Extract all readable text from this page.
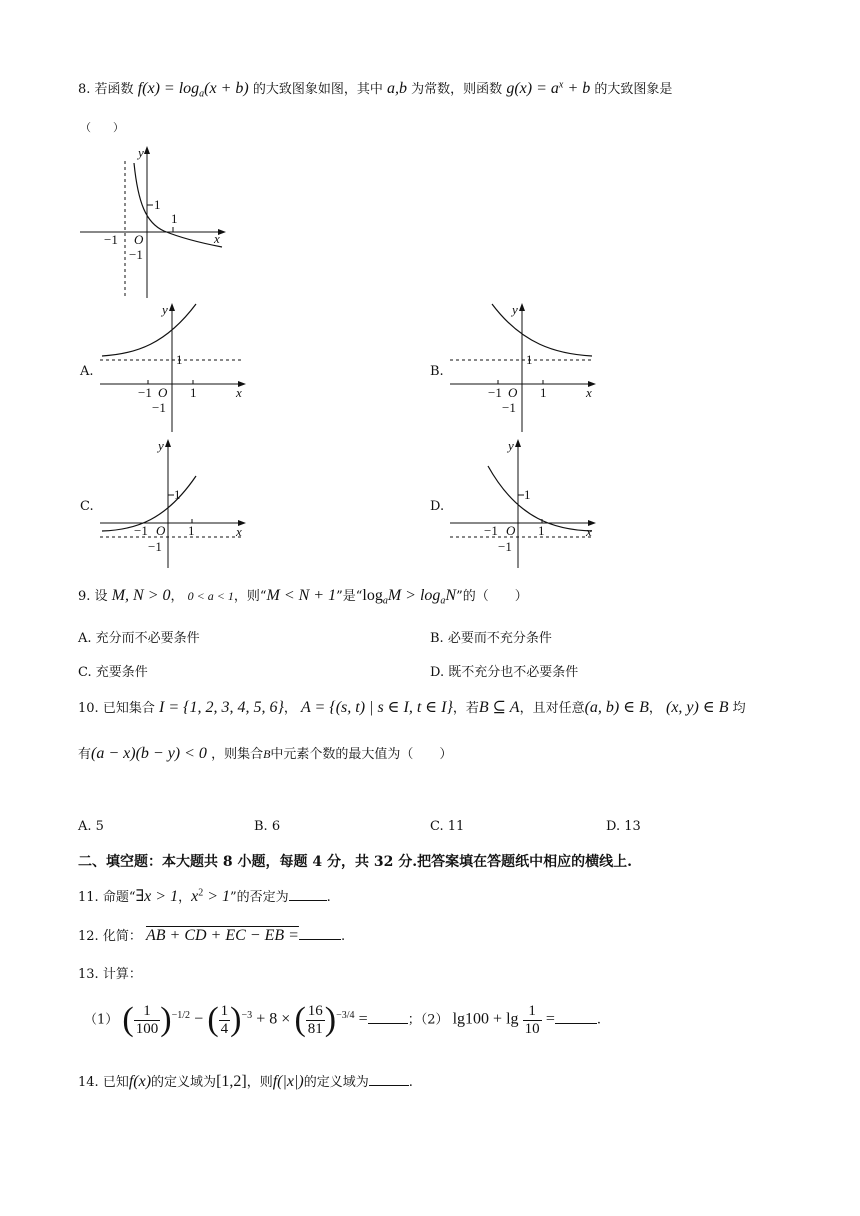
8. 若函数 $f(x) = \log_a(x + b)$ 的大致图象如图，其中 a,b 为常数，则函数 $g(x) = a^x + b$ 的大致图象是
（　　）
y
x
O
1
1
−1
−1
A.
y
x
O
1
1
−1
−1
B.
y
x
O
1
1
−1
−1
C.
y
x
O
1
1
−1
−1
D.
y
x
O
1
1
−1
−1
9. 设 M, N > 0， 0 < a < 1，则“M < N + 1”是“$\log_aM > \log_aN$”的（　　）
A. 充分而不必要条件	B. 必要而不充分条件
C. 充要条件	D. 既不充分也不必要条件
10. 已知集合 I = {1, 2, 3, 4, 5, 6}， A = {(s, t) | s ∈ I, t ∈ I}，若B ⊆ A，且对任意(a, b) ∈ B， (x, y) ∈ B 均
有(a − x)(b − y) < 0 ，则集合B中元素个数的最大值为（　　）
A. 5	B. 6	C. 11	D. 13
二、填空题：本大题共 8 小题，每题 4 分，共 32 分.把答案填在答题纸中相应的横线上.
11. 命题“∃x > 1，$x^2 > 1$”的否定为	.
12. 化简： AB + CD + EC − EB =	.
13. 计算：
（1） ( $\frac{1}{100} )^{-1/2}$ − ( $\frac{1}{4} )^{-3} + 8$ × ( $\frac{16}{81} )^{-3/4}$ =	；（2） $\lg 100 + \lg \frac{1}{10}$ =	.
14. 已知f(x)的定义域为[1,2]，则f(|x|)的定义域为	.
